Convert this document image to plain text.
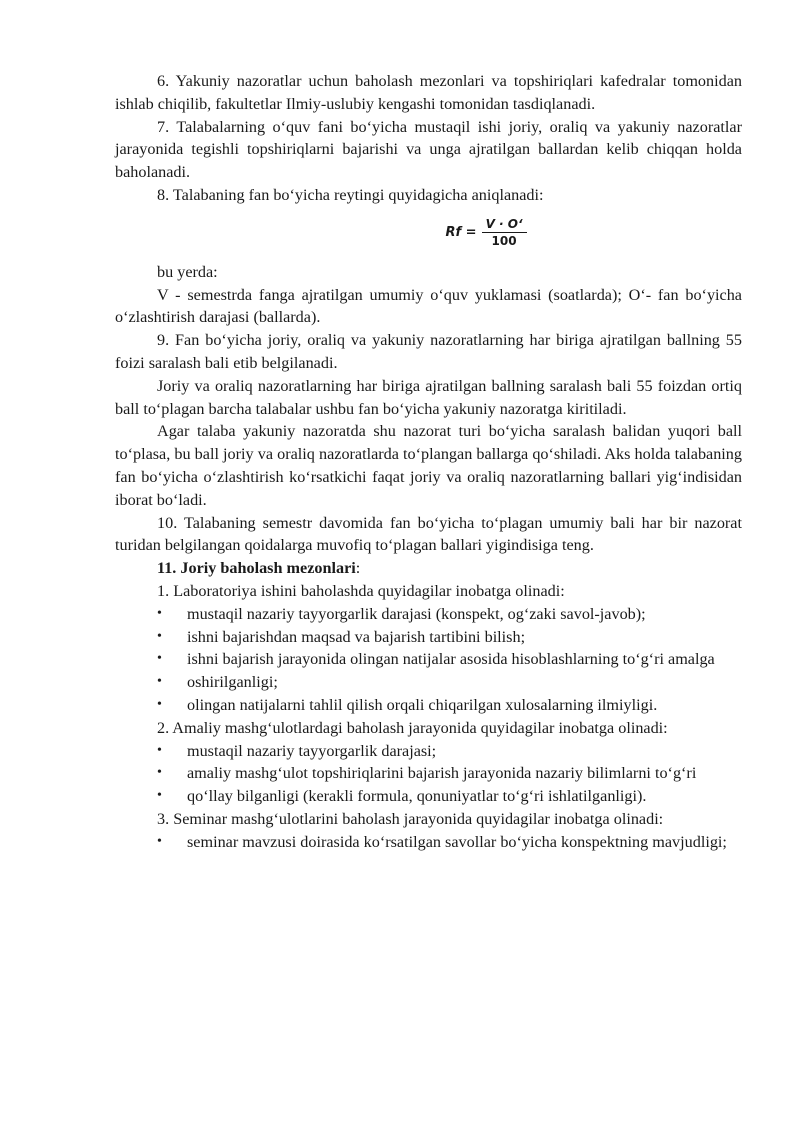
6. Yakuniy nazoratlar uchun baholash mezonlari va topshiriqlari kafedralar tomonidan ishlab chiqilib, fakultetlar Ilmiy-uslubiy kengashi tomonidan tasdiqlanadi.

7. Talabalarning o‘quv fani bo‘yicha mustaqil ishi joriy, oraliq va yakuniy nazoratlar jarayonida tegishli topshiriqlarni bajarishi va unga ajratilgan ballardan kelib chiqqan holda baholanadi.

8. Talabaning fan bo‘yicha reytingi quyidagicha aniqlanadi:

$Rf = \frac{V \cdot O‘}{100}$

bu yerda:

V - semestrda fanga ajratilgan umumiy o‘quv yuklamasi (soatlarda); O‘- fan bo‘yicha o‘zlashtirish darajasi (ballarda).

9. Fan bo‘yicha joriy, oraliq va yakuniy nazoratlarning har biriga ajratilgan ballning 55 foizi saralash bali etib belgilanadi.

Joriy va oraliq nazoratlarning har biriga ajratilgan ballning saralash bali 55 foizdan ortiq ball to‘plagan barcha talabalar ushbu fan bo‘yicha yakuniy nazoratga kiritiladi.

Agar talaba yakuniy nazoratda shu nazorat turi bo‘yicha saralash balidan yuqori ball to‘plasa, bu ball joriy va oraliq nazoratlarda to‘plangan ballarga qo‘shiladi. Aks holda talabaning fan bo‘yicha o‘zlashtirish ko‘rsatkichi faqat joriy va oraliq nazoratlarning ballari yig‘indisidan iborat bo‘ladi.

10. Talabaning semestr davomida fan bo‘yicha to‘plagan umumiy bali har bir nazorat turidan belgilangan qoidalarga muvofiq to‘plagan ballari yigindisiga teng.

11. Joriy baholash mezonlari:

1. Laboratoriya ishini baholashda quyidagilar inobatga olinadi:

• mustaqil nazariy tayyorgarlik darajasi (konspekt, og‘zaki savol-javob);

• ishni bajarishdan maqsad va bajarish tartibini bilish;

• ishni bajarish jarayonida olingan natijalar asosida hisoblashlarning to‘g‘ri amalga

• oshirilganligi;

• olingan natijalarni tahlil qilish orqali chiqarilgan xulosalarning ilmiyligi.

2. Amaliy mashg‘ulotlardagi baholash jarayonida quyidagilar inobatga olinadi:

• mustaqil nazariy tayyorgarlik darajasi;

• amaliy mashg‘ulot topshiriqlarini bajarish jarayonida nazariy bilimlarni to‘g‘ri

• qo‘llay bilganligi (kerakli formula, qonuniyatlar to‘g‘ri ishlatilganligi).

3. Seminar mashg‘ulotlarini baholash jarayonida quyidagilar inobatga olinadi:

• seminar mavzusi doirasida ko‘rsatilgan savollar bo‘yicha konspektning mavjudligi;
